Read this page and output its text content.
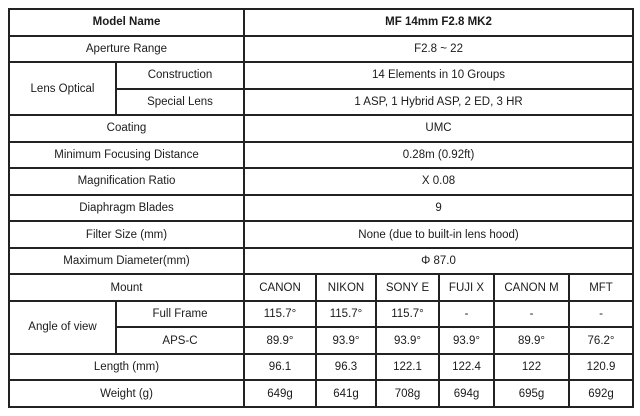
Model Name		MF 14mm F2.8 MK2					
Aperture Range		F2.8 ~ 22					
Lens Optical	Construction	14 Elements in 10 Groups					
	Special Lens	1 ASP, 1 Hybrid ASP, 2 ED, 3 HR					
Coating		UMC					
Minimum Focusing Distance		0.28m (0.92ft)					
Magnification Ratio		X 0.08					
Diaphragm Blades		9					
Filter Size (mm)		None (due to built-in lens hood)					
Maximum Diameter(mm)		Φ 87.0					
Mount		CANON	NIKON	SONY E	FUJI X	CANON M	MFT
Angle of view	Full Frame	115.7°	115.7°	115.7°	-	-	-
	APS-C	89.9°	93.9°	93.9°	93.9°	89.9°	76.2°
Length (mm)		96.1	96.3	122.1	122.4	122	120.9
Weight (g)		649g	641g	708g	694g	695g	692g
